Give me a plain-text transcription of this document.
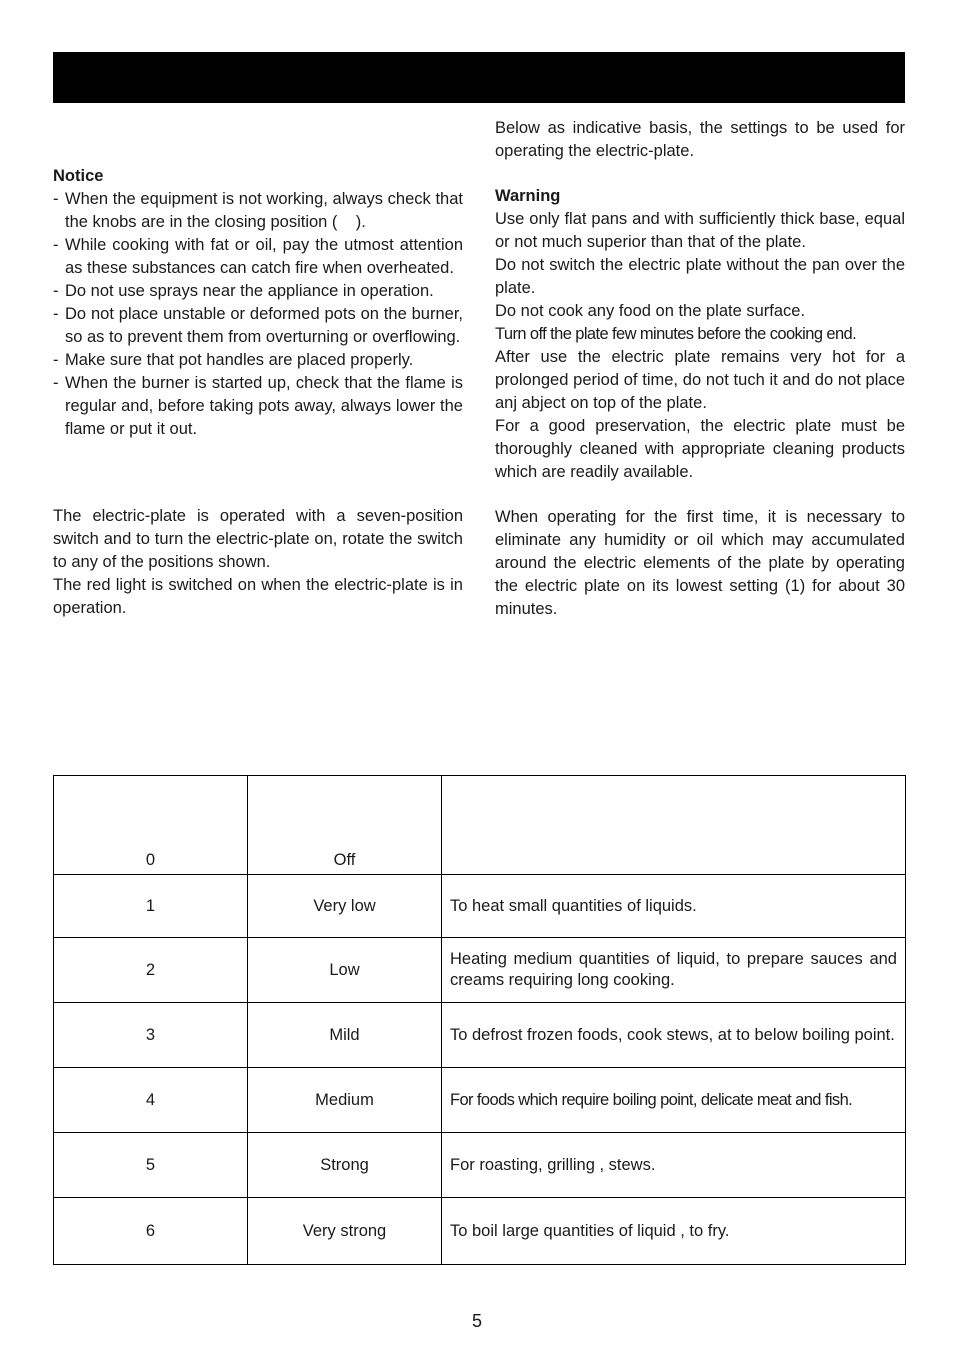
Notice
- When the equipment is not working, always check that the knobs are in the closing position (    ).
- While cooking with fat or oil, pay the utmost attention as these substances can catch fire when overheated.
- Do not use sprays near the appliance in operation.
- Do not place unstable or deformed pots on the burner, so as to prevent them from overturning or overflowing.
- Make sure that pot handles are placed properly.
- When the burner is started up, check that the flame is regular and, before taking pots away, always lower the flame or put it out.

The electric-plate is operated with a seven-position switch and to turn the electric-plate on, rotate the switch to any of the positions shown.

The red light is switched on when the electric-plate is in operation.

Below as indicative basis, the settings to be used for operating the electric-plate.

Warning

Use only flat pans and with sufficiently thick base, equal or not much superior than that of the plate.

Do not switch the electric plate without the pan over the plate.

Do not cook any food on the plate surface.

Turn off the plate few minutes before the cooking end.

After use the electric plate remains very hot for a prolonged period of time, do not tuch it and do not place anj abject on top of the plate.

For a good preservation, the electric plate must be thoroughly cleaned with appropriate cleaning products which are readily available.

When operating for the first time, it is necessary to eliminate any humidity or oil which may accumulated around the electric elements of the plate by operating the electric plate on its lowest setting (1) for about 30 minutes.

0	Off	
1	Very low	To heat small quantities of liquids.
2	Low	Heating medium quantities of liquid, to prepare sauces and creams requiring long cooking.
3	Mild	To defrost frozen foods, cook stews, at to below boiling point.
4	Medium	For foods which require boiling point, delicate meat and fish.
5	Strong	For roasting, grilling , stews.
6	Very strong	To boil large quantities of liquid , to fry.
5
